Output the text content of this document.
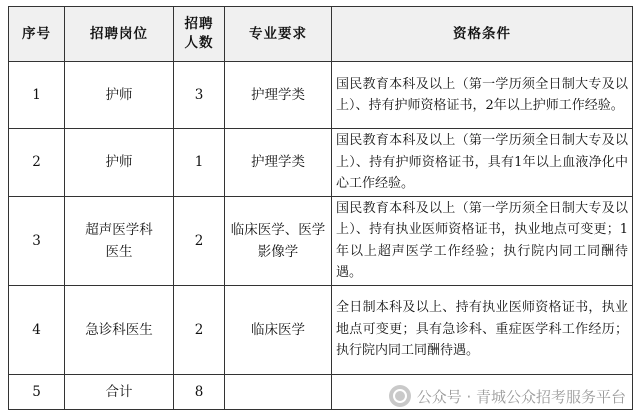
序号	招聘岗位	招聘人数	专业要求	资格条件
1	护师	3	护理学类	国民教育本科及以上（第一学历须全日制大专及以上）、持有护师资格证书，2年以上护师工作经验。
2	护师	1	护理学类	国民教育本科及以上（第一学历须全日制大专及以上）、持有护师资格证书，具有1年以上血液净化中心工作经验。
3	超声医学科医生	2	临床医学、医学影像学	国民教育本科及以上（第一学历须全日制大专及以上）、持有执业医师资格证书，执业地点可变更；1年以上超声医学工作经验；执行院内同工同酬待遇。
4	急诊科医生	2	临床医学	全日制本科及以上、持有执业医师资格证书，执业地点可变更；具有急诊科、重症医学科工作经历；执行院内同工同酬待遇。
5	合计	8			公众号 · 青城公众招考服务平台
